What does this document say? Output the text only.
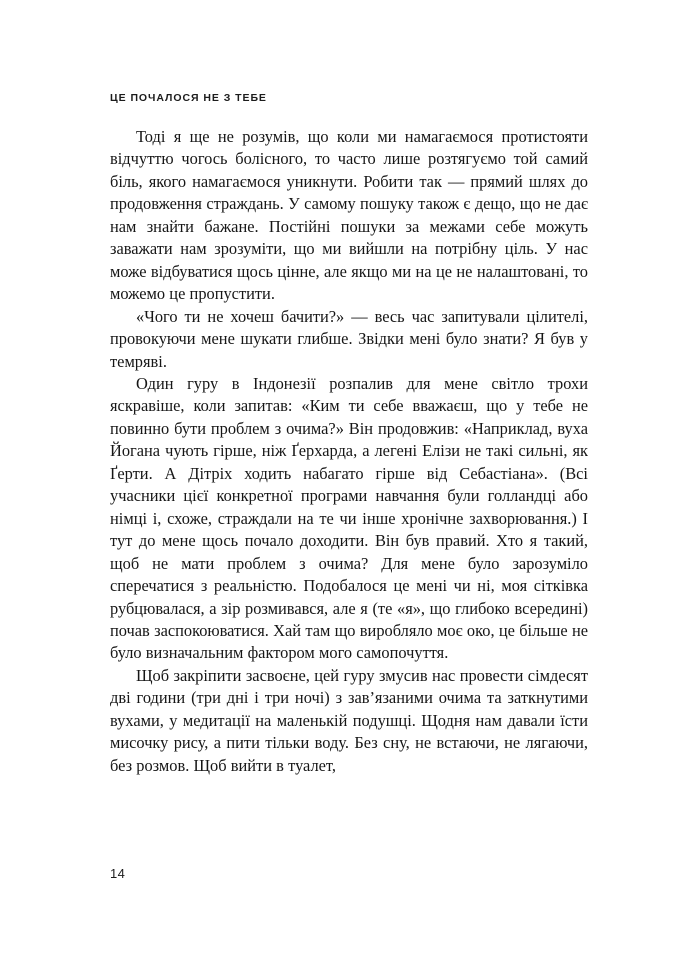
ЦЕ ПОЧАЛОСЯ НЕ З ТЕБЕ

Тоді я ще не розумів, що коли ми намагаємося протистояти відчуттю чогось болісного, то часто лише розтягуємо той самий біль, якого намагаємося уникнути. Робити так — прямий шлях до продовження страждань. У самому пошуку також є дещо, що не дає нам знайти бажане. Постійні пошуки за межами себе можуть заважати нам зрозуміти, що ми вийшли на потрібну ціль. У нас може відбуватися щось цінне, але якщо ми на це не налаштовані, то можемо це пропустити.

«Чого ти не хочеш бачити?» — весь час запитували цілителі, провокуючи мене шукати глибше. Звідки мені було знати? Я був у темряві.

Один гуру в Індонезії розпалив для мене світло трохи яскравіше, коли запитав: «Ким ти себе вважаєш, що у тебе не повинно бути проблем з очима?» Він продовжив: «Наприклад, вуха Йогана чують гірше, ніж Ґерхарда, а легені Елізи не такі сильні, як Ґерти. А Дітріх ходить набагато гірше від Себастіана». (Всі учасники цієї конкретної програми навчання були голландці або німці і, схоже, страждали на те чи інше хронічне захворювання.) І тут до мене щось почало доходити. Він був правий. Хто я такий, щоб не мати проблем з очима? Для мене було зарозуміло сперечатися з реальністю. Подобалося це мені чи ні, моя сітківка рубцювалася, а зір розмивався, але я (те «я», що глибоко всередині) почав заспокоюватися. Хай там що виробляло моє око, це більше не було визначальним фактором мого самопочуття.

Щоб закріпити засвоєне, цей гуру змусив нас провести сімдесят дві години (три дні і три ночі) з зав’язаними очима та заткнутими вухами, у медитації на маленькій подушці. Щодня нам давали їсти мисочку рису, а пити тільки воду. Без сну, не встаючи, не лягаючи, без розмов. Щоб вийти в туалет,

14
